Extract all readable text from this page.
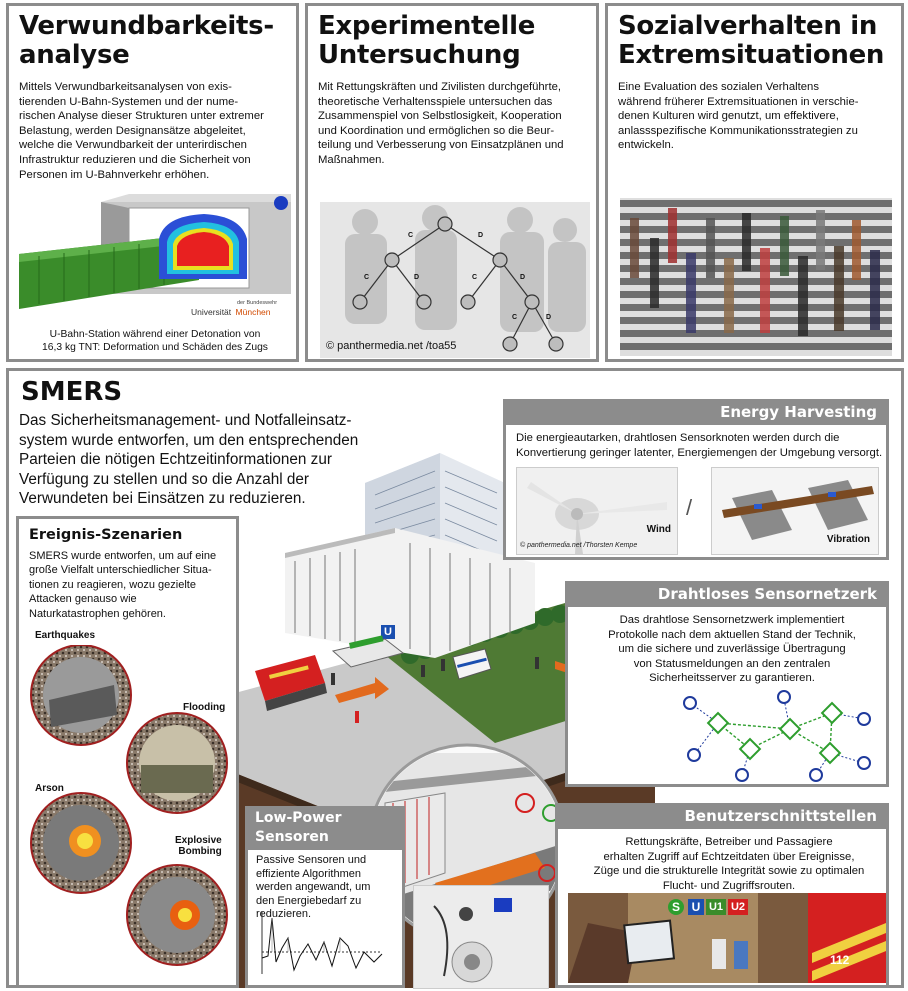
Verwundbarkeits-
analyse
Mittels Verwundbarkeitsanalysen von exis-
tierenden U-Bahn-Systemen und der nume-
rischen Analyse dieser Strukturen unter extremer
Belastung, werden Designansätze abgeleitet,
welche die Verwundbarkeit der unterirdischen
Infrastruktur reduzieren und die Sicherheit von
Personen im U-Bahnverkehr erhöhen.
der Bundeswehr
Universität München
U-Bahn-Station während einer Detonation von
16,3 kg TNT: Deformation und Schäden des Zugs
Experimentelle
Untersuchung
Mit Rettungskräften und Zivilisten durchgeführte,
theoretische Verhaltensspiele untersuchen das
Zusammenspiel von Selbstlosigkeit, Kooperation
und Koordination und ermöglichen so die Beur-
teilung und Verbesserung von Einsatzplänen und
Maßnahmen.
C	D
C	D	C	D
C	D
© panthermedia.net /toa55
Sozialverhalten in
Extremsituationen
Eine Evaluation des sozialen Verhaltens
während früherer Extremsituationen in verschie-
denen Kulturen wird genutzt, um effektivere,
anlassspezifische Kommunikationsstrategien zu
entwickeln.
SMERS
Das Sicherheitsmanagement- und Notfalleinsatz-
system wurde entworfen, um den entsprechenden
Parteien die nötigen Echtzeitinformationen zur
Verfügung zu stellen und so die Anzahl der
Verwundeten bei Einsätzen zu reduzieren.
U
Ereignis-Szenarien
SMERS wurde entworfen, um auf eine
große Vielfalt unterschiedlicher Situa-
tionen zu reagieren, wozu gezielte
Attacken genauso wie
Naturkatastrophen gehören.
Earthquakes
Flooding
Arson
Explosive
Bombing
Energy Harvesting
Die energieautarken, drahtlosen Sensorknoten werden durch die
Konvertierung geringer latenter, Energiemengen der Umgebung versorgt.
Wind
© panthermedia.net /Thorsten Kempe
/
Vibration
Drahtloses Sensornetzerk
Das drahtlose Sensornetzwerk implementiert
Protokolle nach dem aktuellen Stand der Technik,
um die sichere und zuverlässige Übertragung
von Statusmeldungen an den zentralen
Sicherheitsserver zu garantieren.
Low-Power
Sensoren
Passive Sensoren und
effiziente Algorithmen
werden angewandt, um
den Energiebedarf zu
reduzieren.
Benutzerschnittstellen
Rettungskräfte, Betreiber und Passagiere
erhalten Zugriff auf Echtzeitdaten über Ereignisse,
Züge und die strukturelle Integrität sowie zu optimalen
Flucht- und Zugriffsrouten.
S U U1 U2
112
